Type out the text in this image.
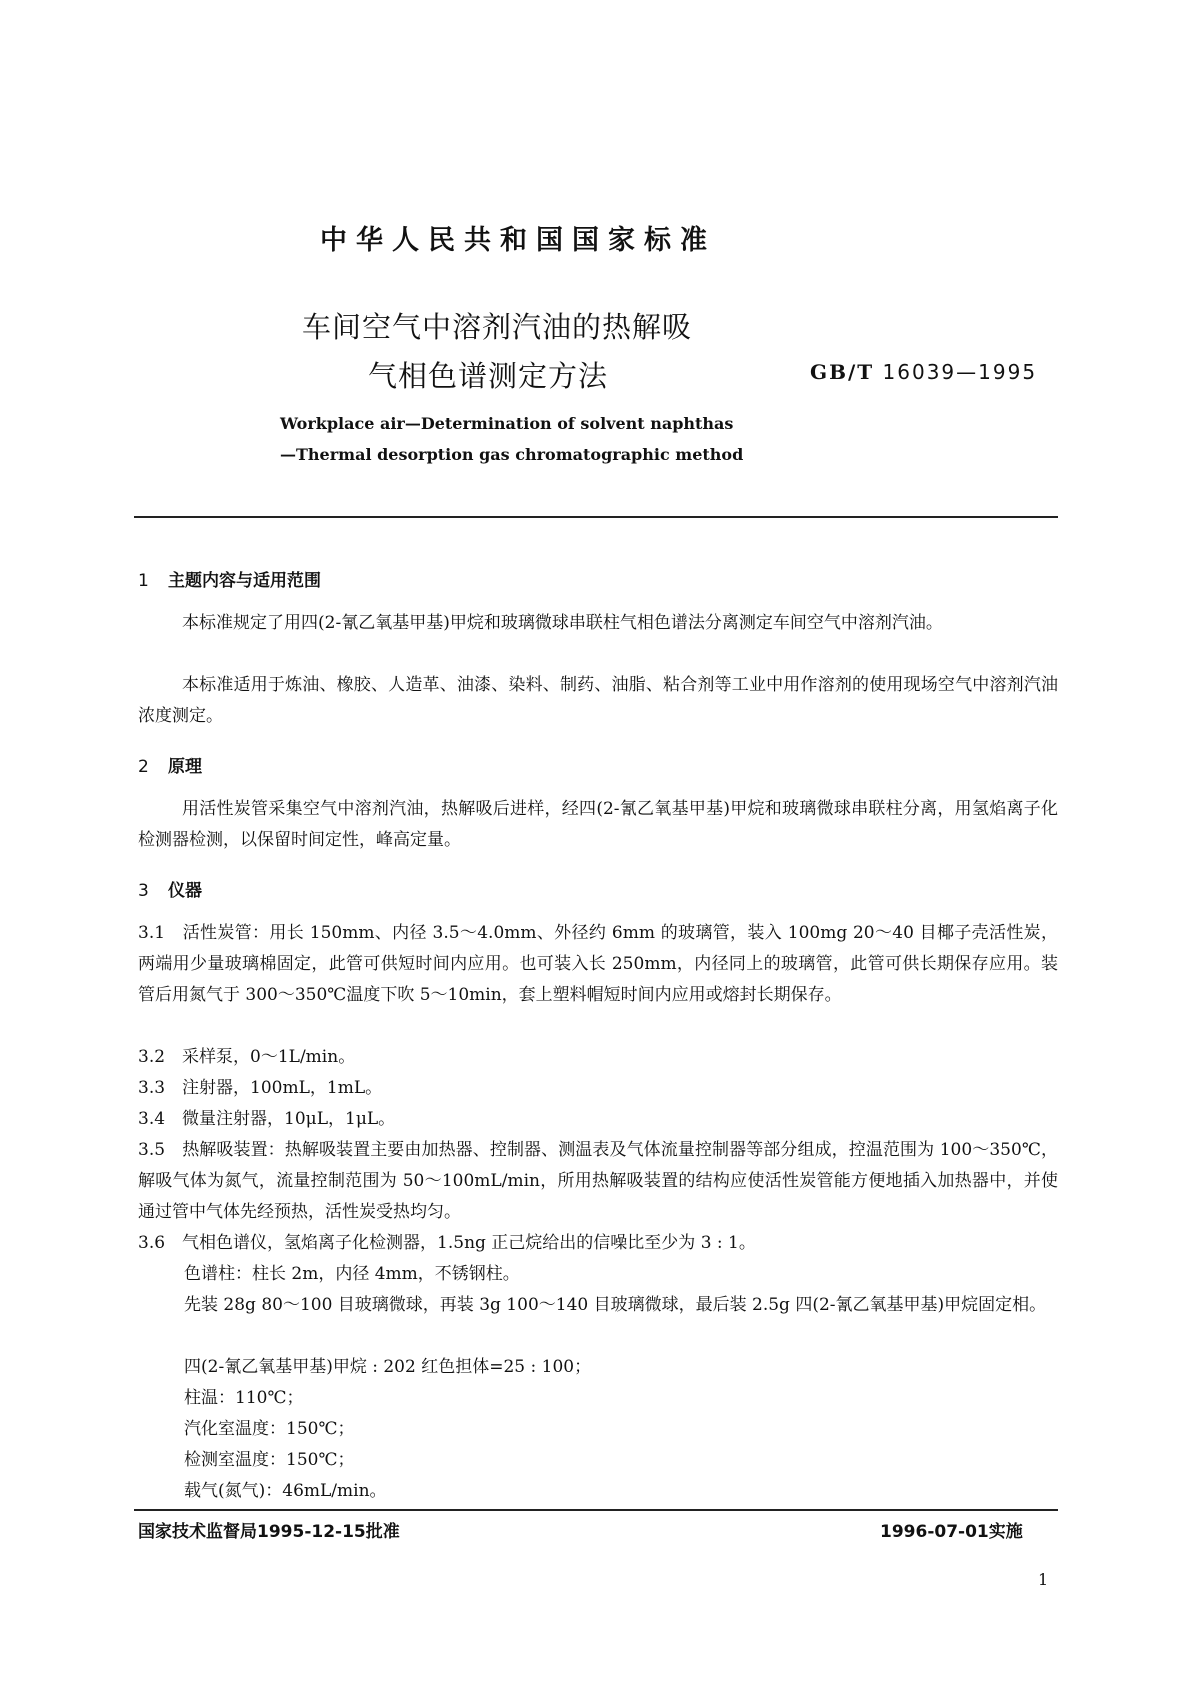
中华人民共和国国家标准
车间空气中溶剂汽油的热解吸
气相色谱测定方法	GB/T 16039—1995
Workplace air—Determination of solvent naphthas
—Thermal desorption gas chromatographic method
1 主题内容与适用范围
本标准规定了用四(2-氰乙氧基甲基)甲烷和玻璃微球串联柱气相色谱法分离测定车间空气中溶剂汽油。
本标准适用于炼油、橡胶、人造革、油漆、染料、制药、油脂、粘合剂等工业中用作溶剂的使用现场空气中溶剂汽油浓度测定。
2 原理
用活性炭管采集空气中溶剂汽油，热解吸后进样，经四(2-氰乙氧基甲基)甲烷和玻璃微球串联柱分离，用氢焰离子化检测器检测，以保留时间定性，峰高定量。
3 仪器
3.1　活性炭管：用长 150mm、内径 3.5～4.0mm、外径约 6mm 的玻璃管，装入 100mg 20～40 目椰子壳活性炭，两端用少量玻璃棉固定，此管可供短时间内应用。也可装入长 250mm，内径同上的玻璃管，此管可供长期保存应用。装管后用氮气于 300～350℃温度下吹 5～10min，套上塑料帽短时间内应用或熔封长期保存。
3.2　采样泵，0～1L/min。
3.3　注射器，100mL，1mL。
3.4　微量注射器，10μL，1μL。
3.5　热解吸装置：热解吸装置主要由加热器、控制器、测温表及气体流量控制器等部分组成，控温范围为 100～350℃，解吸气体为氮气，流量控制范围为 50～100mL/min，所用热解吸装置的结构应使活性炭管能方便地插入加热器中，并使通过管中气体先经预热，活性炭受热均匀。
3.6　气相色谱仪，氢焰离子化检测器，1.5ng 正己烷给出的信噪比至少为 3 : 1。
色谱柱：柱长 2m，内径 4mm，不锈钢柱。
先装 28g 80～100 目玻璃微球，再装 3g 100～140 目玻璃微球，最后装 2.5g 四(2-氰乙氧基甲基)甲烷固定相。
四(2-氰乙氧基甲基)甲烷 : 202 红色担体=25 : 100；
柱温：110℃；
汽化室温度：150℃；
检测室温度：150℃；
载气(氮气)：46mL/min。
国家技术监督局1995-12-15批准	1996-07-01实施
1
